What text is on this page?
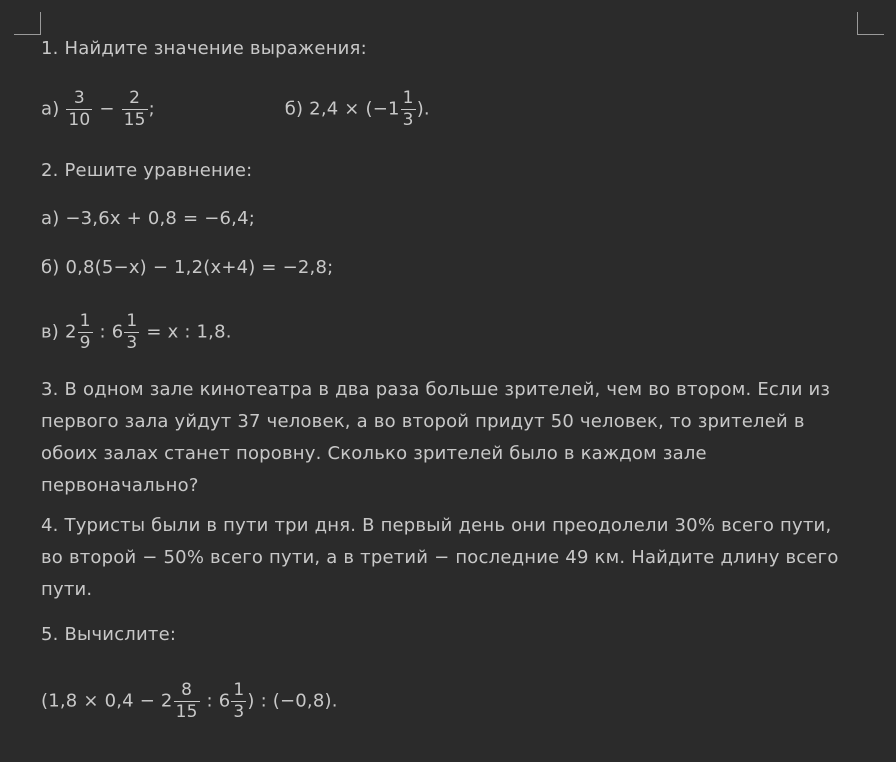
1. Найдите значение выражения:
$а) \frac{3}{10} - \frac{2}{15}$ ;	б) $2,4 \times (-1 \frac{1}{3}$ ).
2. Решите уравнение:
а) −3,6x + 0,8 = −6,4;
б) 0,8(5−x) − 1,2(x+4) = −2,8;
в) $2 \frac{1}{9}$ : $6 \frac{1}{3} = x$ : 1,8.
3. В одном зале кинотеатра в два раза больше зрителей, чем во втором. Если из первого зала уйдут 37 человек, а во второй придут 50 человек, то зрителей в обоих залах станет поровну. Сколько зрителей было в каждом зале первоначально?
4. Туристы были в пути три дня. В первый день они преодолели 30% всего пути, во второй − 50% всего пути, а в третий − последние 49 км. Найдите длину всего пути.
5. Вычислите:
($1,8 \times 0,4 - 2 \frac{8}{15}$ : $6 \frac{1}{3}$ ) : (−0,8).
